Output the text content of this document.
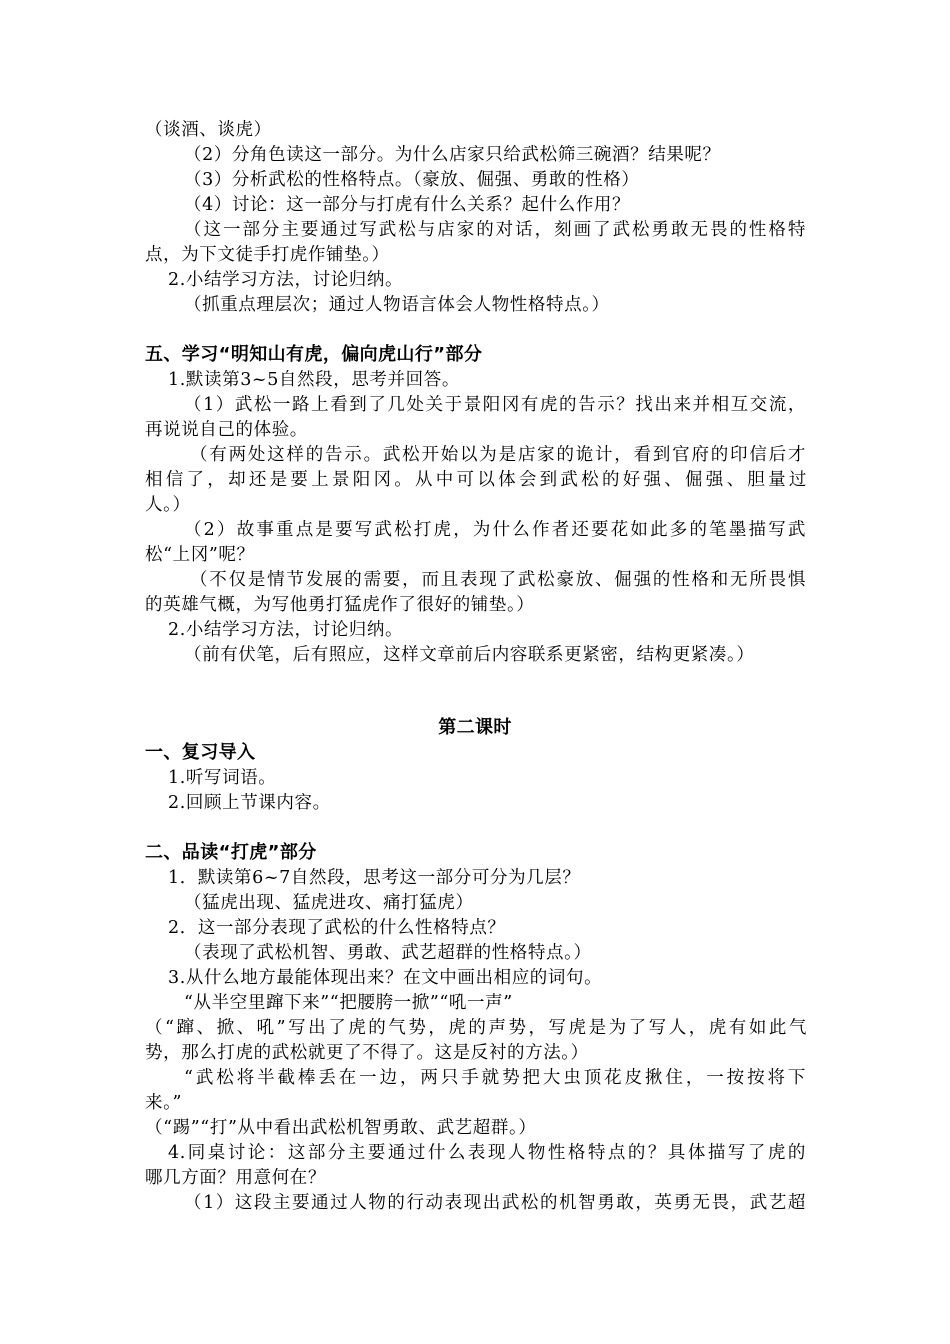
（谈酒、谈虎）
（2）分角色读这一部分。为什么店家只给武松筛三碗酒？结果呢？
（3）分析武松的性格特点。（豪放、倔强、勇敢的性格）
（4）讨论：这一部分与打虎有什么关系？起什么作用？
（这一部分主要通过写武松与店家的对话，刻画了武松勇敢无畏的性格特
点，为下文徒手打虎作铺垫。）
2.小结学习方法，讨论归纳。
（抓重点理层次；通过人物语言体会人物性格特点。）
五、学习“明知山有虎，偏向虎山行”部分
1.默读第3~5自然段，思考并回答。
（1）武松一路上看到了几处关于景阳冈有虎的告示？找出来并相互交流，
再说说自己的体验。
（有两处这样的告示。武松开始以为是店家的诡计，看到官府的印信后才
相信了，却还是要上景阳冈。从中可以体会到武松的好强、倔强、胆量过
人。）
（2）故事重点是要写武松打虎，为什么作者还要花如此多的笔墨描写武
松“上冈”呢？
（不仅是情节发展的需要，而且表现了武松豪放、倔强的性格和无所畏惧
的英雄气概，为写他勇打猛虎作了很好的铺垫。）
2.小结学习方法，讨论归纳。
（前有伏笔，后有照应，这样文章前后内容联系更紧密，结构更紧凑。）
第二课时
一、复习导入
1.听写词语。
2.回顾上节课内容。
二、品读“打虎”部分
1．默读第6~7自然段，思考这一部分可分为几层？
（猛虎出现、猛虎进攻、痛打猛虎）
2．这一部分表现了武松的什么性格特点？
（表现了武松机智、勇敢、武艺超群的性格特点。）
3.从什么地方最能体现出来？在文中画出相应的词句。
“从半空里蹿下来”“把腰胯一掀”“吼一声”
（“蹿、掀、吼”写出了虎的气势，虎的声势，写虎是为了写人，虎有如此气
势，那么打虎的武松就更了不得了。这是反衬的方法。）
“武松将半截棒丢在一边，两只手就势把大虫顶花皮揪住，一按按将下
来。”
（“踢”“打”从中看出武松机智勇敢、武艺超群。）
4.同桌讨论：这部分主要通过什么表现人物性格特点的？具体描写了虎的
哪几方面？用意何在？
（1）这段主要通过人物的行动表现出武松的机智勇敢，英勇无畏，武艺超
